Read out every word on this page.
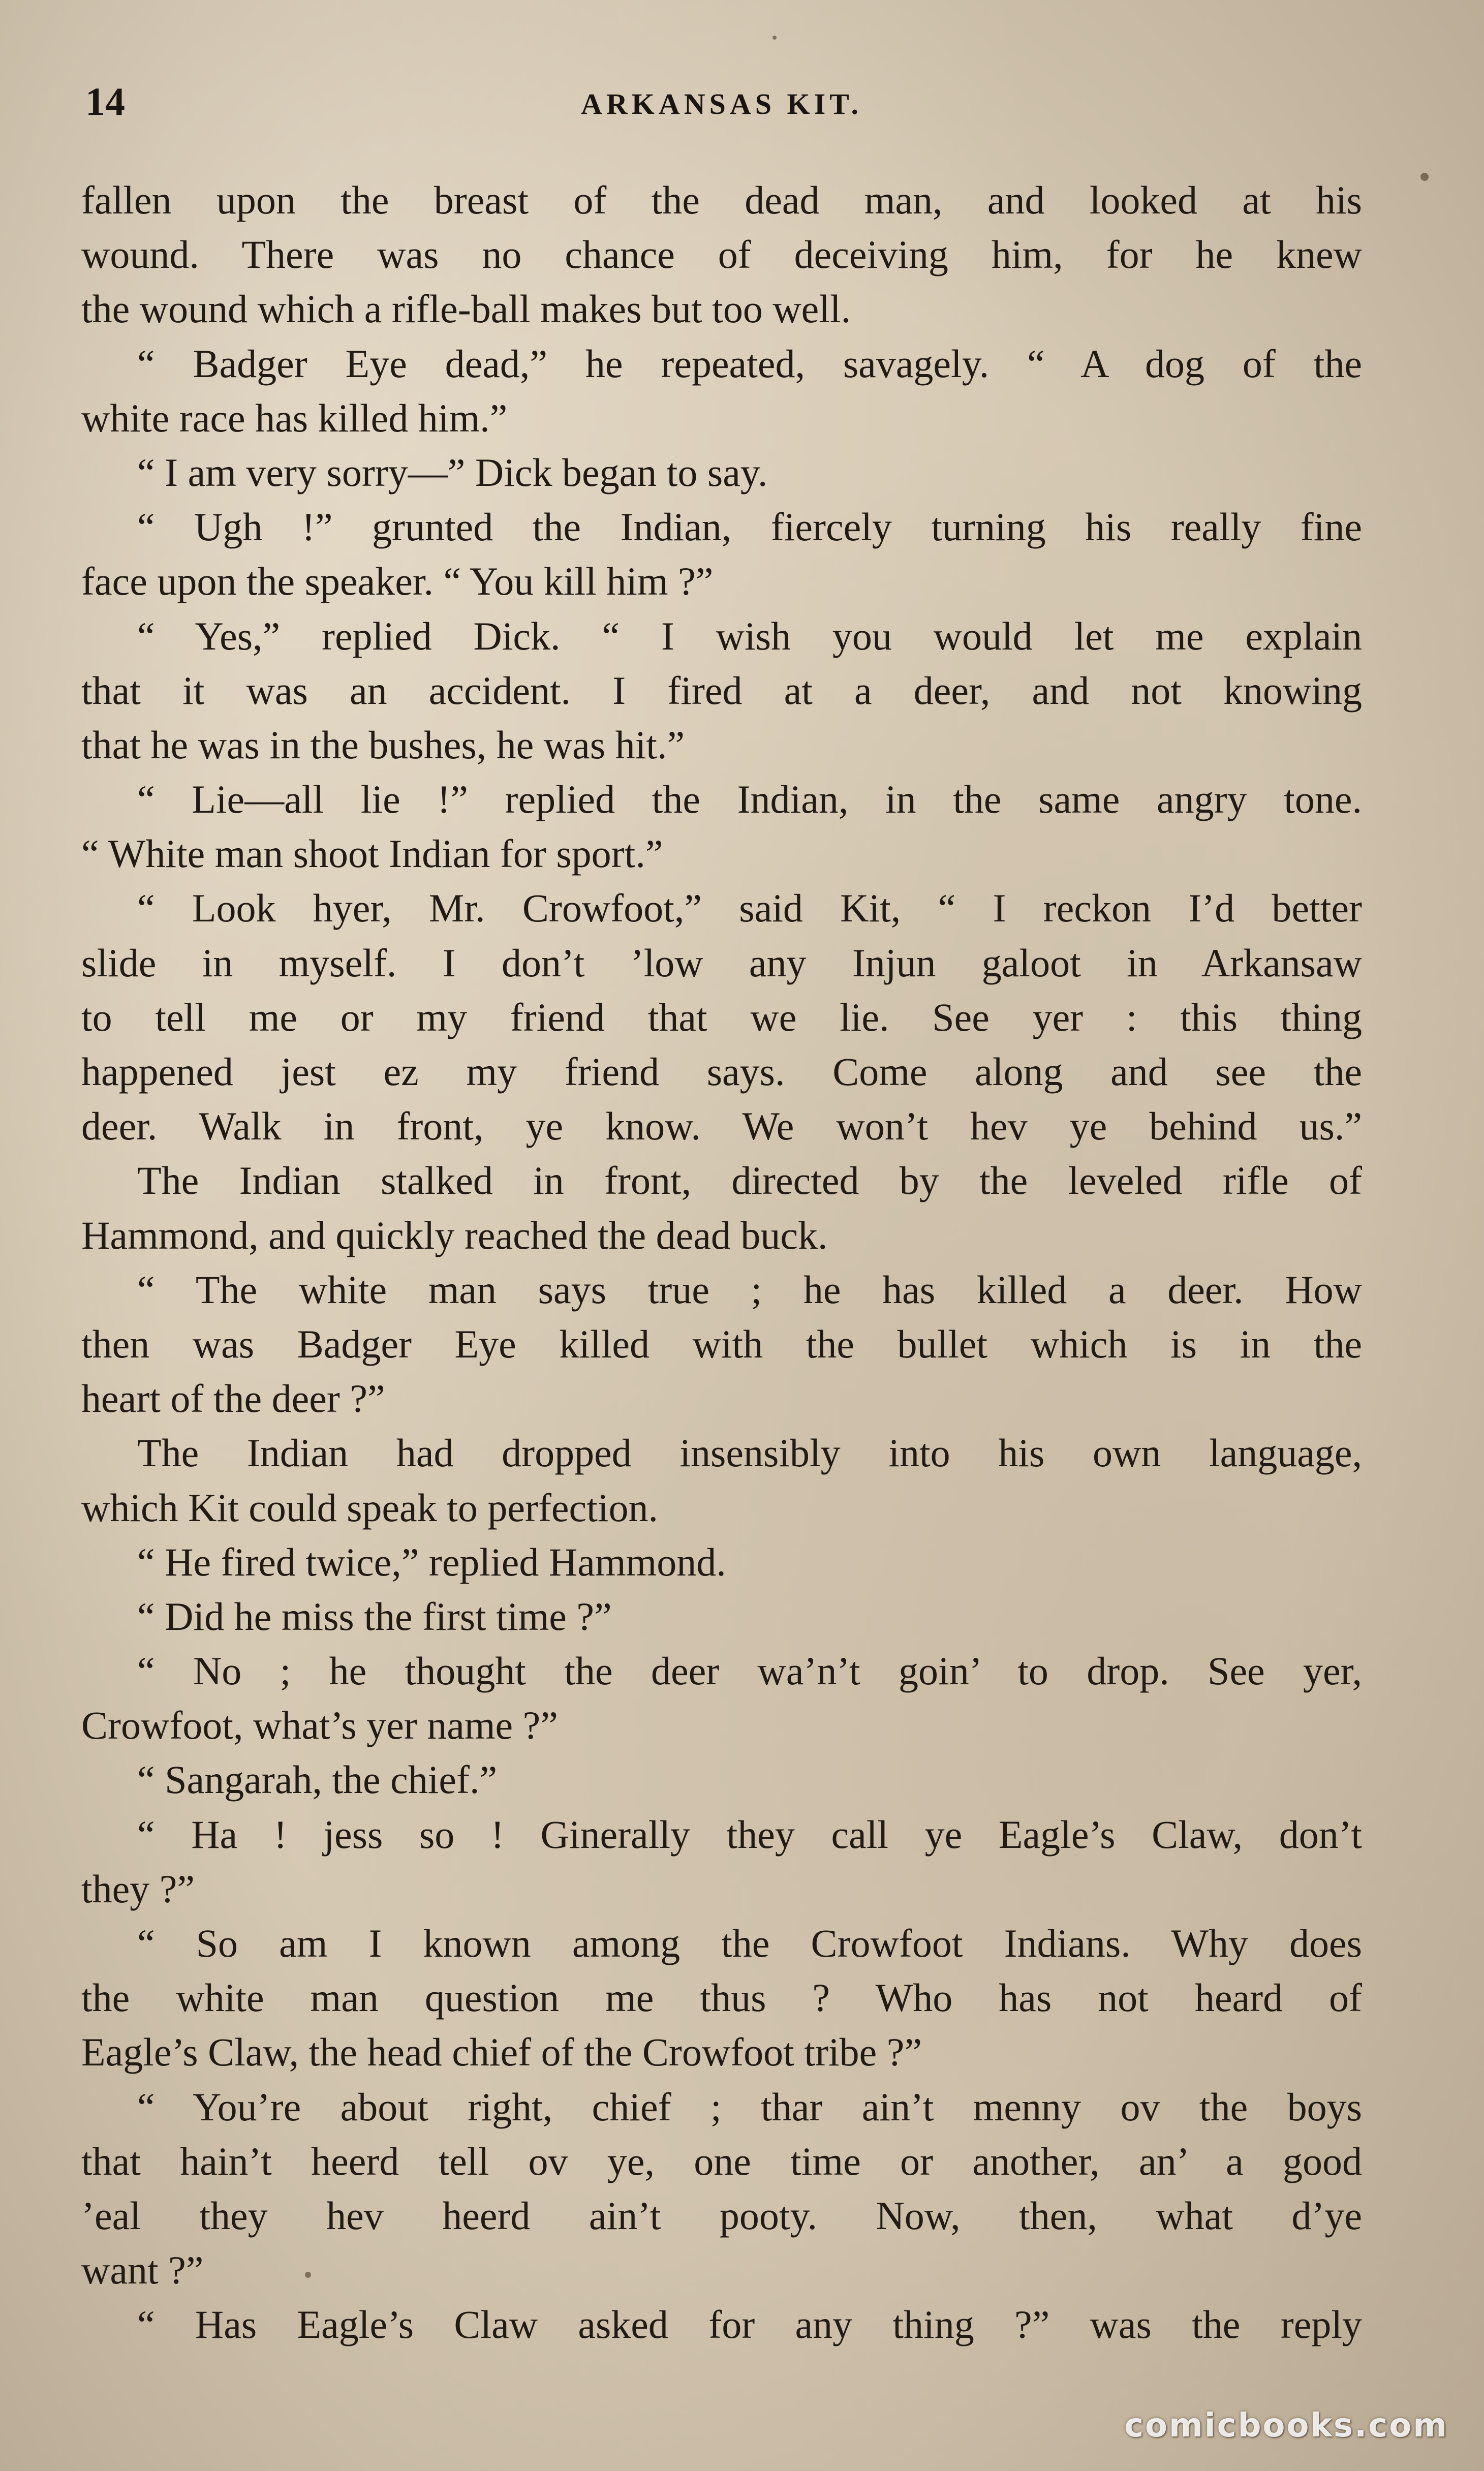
14	ARKANSAS KIT.
fallen upon the breast of the dead man, and looked at his
wound. There was no chance of deceiving him, for he knew
the wound which a rifle-ball makes but too well.
“ Badger Eye dead,” he repeated, savagely. “ A dog of the
white race has killed him.”
“ I am very sorry—” Dick began to say.
“ Ugh !” grunted the Indian, fiercely turning his really fine
face upon the speaker. “ You kill him ?”
“ Yes,” replied Dick. “ I wish you would let me explain
that it was an accident. I fired at a deer, and not knowing
that he was in the bushes, he was hit.”
“ Lie—all lie !” replied the Indian, in the same angry tone.
“ White man shoot Indian for sport.”
“ Look hyer, Mr. Crowfoot,” said Kit, “ I reckon I’d better
slide in myself. I don’t ’low any Injun galoot in Arkansaw
to tell me or my friend that we lie. See yer : this thing
happened jest ez my friend says. Come along and see the
deer. Walk in front, ye know. We won’t hev ye behind us.”
The Indian stalked in front, directed by the leveled rifle of
Hammond, and quickly reached the dead buck.
“ The white man says true ; he has killed a deer. How
then was Badger Eye killed with the bullet which is in the
heart of the deer ?”
The Indian had dropped insensibly into his own language,
which Kit could speak to perfection.
“ He fired twice,” replied Hammond.
“ Did he miss the first time ?”
“ No ; he thought the deer wa’n’t goin’ to drop. See yer,
Crowfoot, what’s yer name ?”
“ Sangarah, the chief.”
“ Ha ! jess so ! Ginerally they call ye Eagle’s Claw, don’t
they ?”
“ So am I known among the Crowfoot Indians. Why does
the white man question me thus ? Who has not heard of
Eagle’s Claw, the head chief of the Crowfoot tribe ?”
“ You’re about right, chief ; thar ain’t menny ov the boys
that hain’t heerd tell ov ye, one time or another, an’ a good
’eal they hev heerd ain’t pooty. Now, then, what d’ye
want ?”
“ Has Eagle’s Claw asked for any thing ?” was the reply
comicbooks.com
